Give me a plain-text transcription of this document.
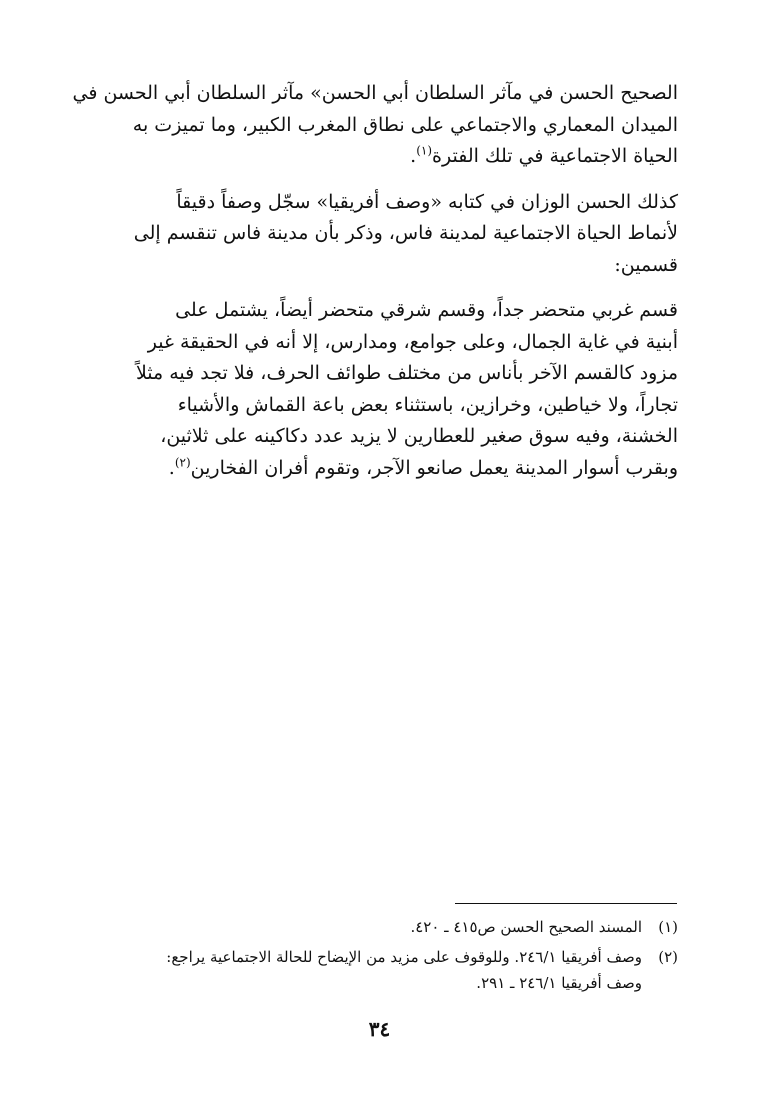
الصحيح الحسن في مآثر السلطان أبي الحسن» مآثر السلطان أبي الحسن في
الميدان المعماري والاجتماعي على نطاق المغرب الكبير، وما تميزت به
الحياة الاجتماعية في تلك الفترة$^{(١)}$.

كذلك الحسن الوزان في كتابه «وصف أفريقيا» سجّل وصفاً دقيقاً
لأنماط الحياة الاجتماعية لمدينة فاس، وذكر بأن مدينة فاس تنقسم إلى
قسمين:

قسم غربي متحضر جداً، وقسم شرقي متحضر أيضاً، يشتمل على
أبنية في غاية الجمال، وعلى جوامع، ومدارس، إلا أنه في الحقيقة غير
مزود كالقسم الآخر بأناس من مختلف طوائف الحرف، فلا تجد فيه مثلاً
تجاراً، ولا خياطين، وخرازين، باستثناء بعض باعة القماش والأشياء
الخشنة، وفيه سوق صغير للعطارين لا يزيد عدد دكاكينه على ثلاثين،
وبقرب أسوار المدينة يعمل صانعو الآجر، وتقوم أفران الفخارين$^{(٢)}$.

(١)
المسند الصحيح الحسن ص٤١٥ ـ ٤٢٠.
(٢)
وصف أفريقيا ٢٤٦/١. وللوقوف على مزيد من الإيضاح للحالة الاجتماعية يراجع:
وصف أفريقيا ٢٤٦/١ ـ ٢٩١.
٣٤
